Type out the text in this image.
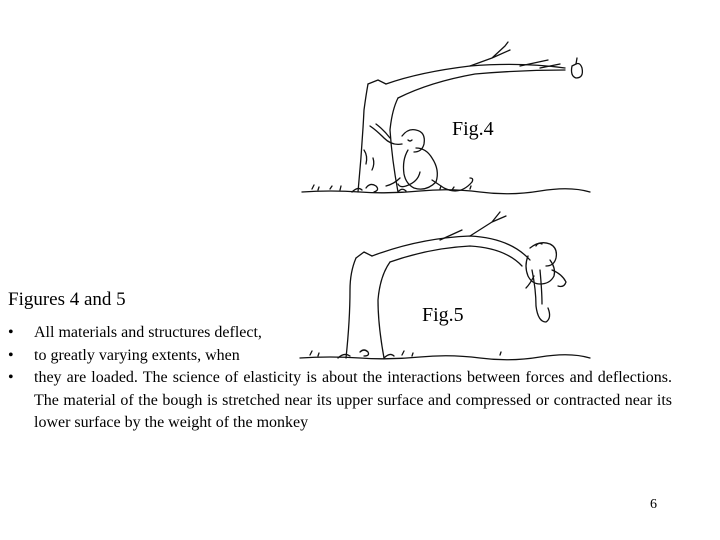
Fig.4
Fig.5
Figures 4 and 5
• All materials and structures deflect,
• to greatly varying extents, when
• they are loaded. The science of elasticity is about the interactions between forces and deflections. The material of the bough is stretched near its upper surface and compressed or contracted near its lower surface by the weight of the monkey
6
